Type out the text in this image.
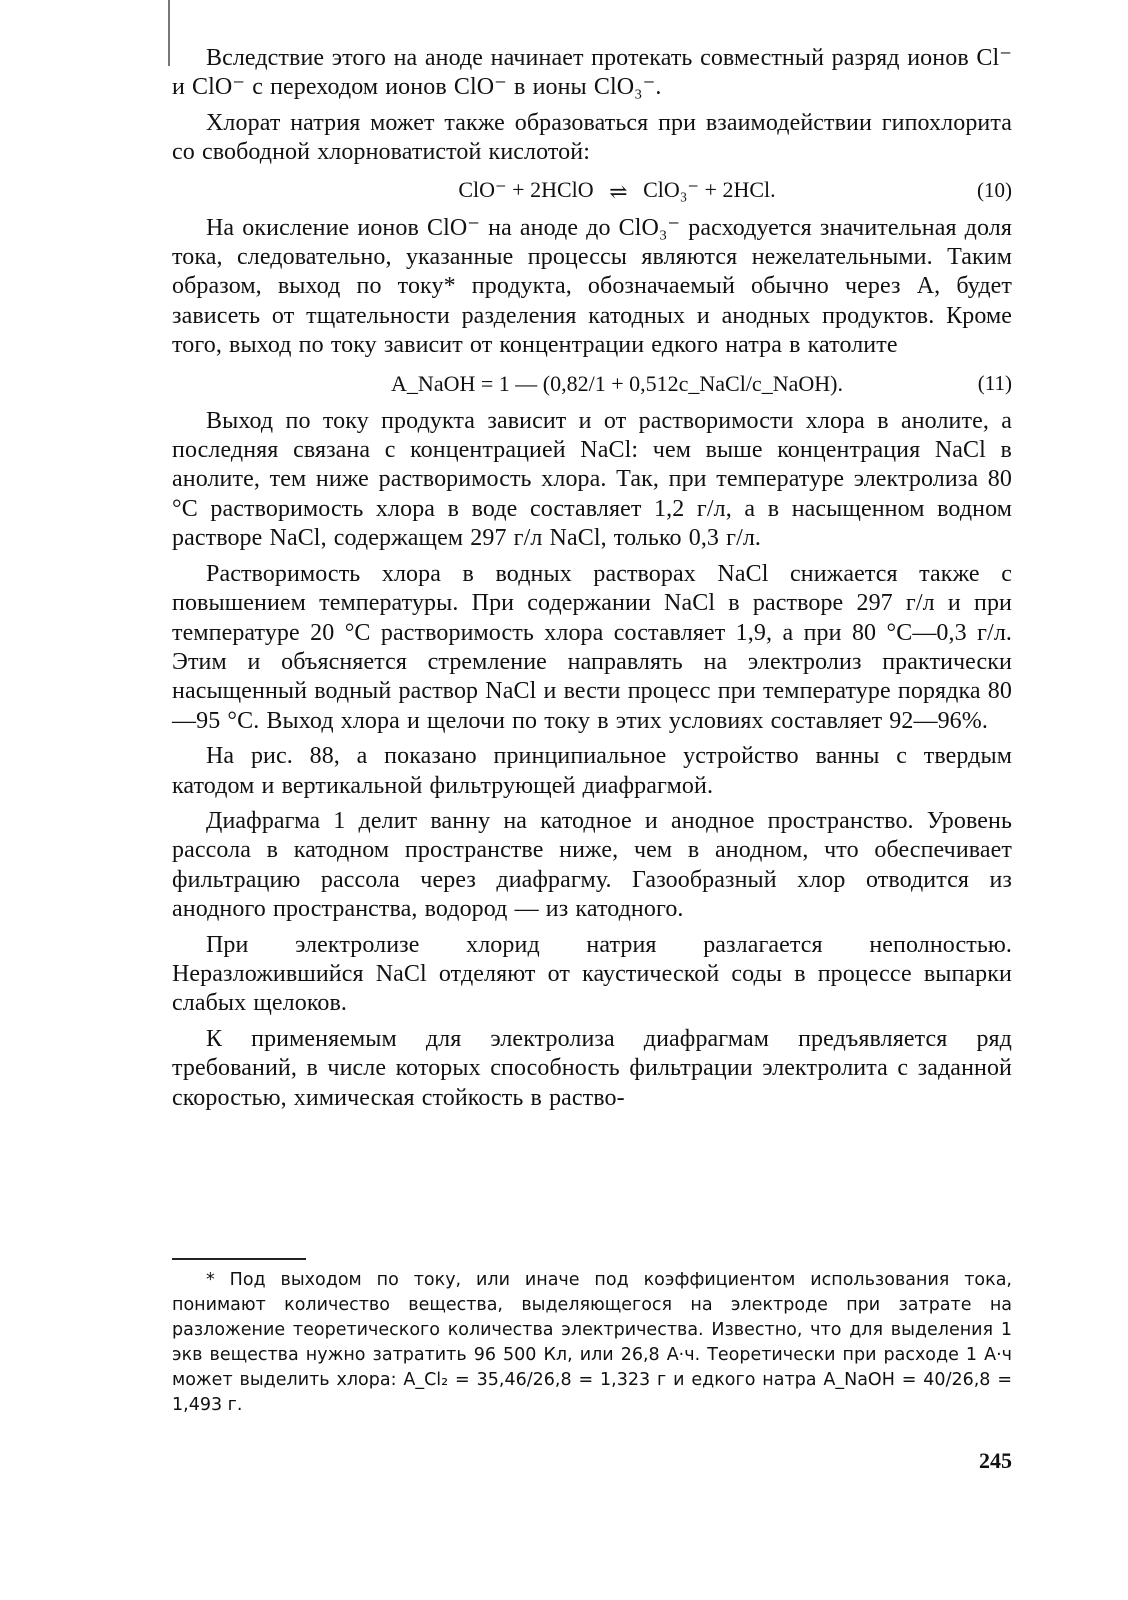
Вследствие этого на аноде начинает протекать совместный разряд ионов Cl⁻ и ClO⁻ с переходом ионов ClO⁻ в ионы ClO₃⁻.

Хлорат натрия может также образоваться при взаимодействии гипохлорита со свободной хлорноватистой кислотой:

ClO⁻ + 2HClO ⇌ ClO₃⁻ + 2HCl.	(10)

На окисление ионов ClO⁻ на аноде до ClO₃⁻ расходуется значительная доля тока, следовательно, указанные процессы являются нежелательными. Таким образом, выход по току* продукта, обозначаемый обычно через A, будет зависеть от тщательности разделения катодных и анодных продуктов. Кроме того, выход по току зависит от концентрации едкого натра в католите

A_NaOH = 1 — (0,82/1 + 0,512c_NaCl/c_NaOH).	(11)

Выход по току продукта зависит и от растворимости хлора в анолите, а последняя связана с концентрацией NaCl: чем выше концентрация NaCl в анолите, тем ниже растворимость хлора. Так, при температуре электролиза 80 °C растворимость хлора в воде составляет 1,2 г/л, а в насыщенном водном растворе NaCl, содержащем 297 г/л NaCl, только 0,3 г/л.

Растворимость хлора в водных растворах NaCl снижается также с повышением температуры. При содержании NaCl в растворе 297 г/л и при температуре 20 °C растворимость хлора составляет 1,9, а при 80 °C—0,3 г/л. Этим и объясняется стремление направлять на электролиз практически насыщенный водный раствор NaCl и вести процесс при температуре порядка 80—95 °C. Выход хлора и щелочи по току в этих условиях составляет 92—96%.

На рис. 88, а показано принципиальное устройство ванны с твердым катодом и вертикальной фильтрующей диафрагмой.

Диафрагма 1 делит ванну на катодное и анодное пространство. Уровень рассола в катодном пространстве ниже, чем в анодном, что обеспечивает фильтрацию рассола через диафрагму. Газообразный хлор отводится из анодного пространства, водород — из катодного.

При электролизе хлорид натрия разлагается неполностью. Неразложившийся NaCl отделяют от каустической соды в процессе выпарки слабых щелоков.

К применяемым для электролиза диафрагмам предъявляется ряд требований, в числе которых способность фильтрации электролита с заданной скоростью, химическая стойкость в раство-

* Под выходом по току, или иначе под коэффициентом использования тока, понимают количество вещества, выделяющегося на электроде при затрате на разложение теоретического количества электричества. Известно, что для выделения 1 экв вещества нужно затратить 96 500 Кл, или 26,8 А·ч. Теоретически при расходе 1 А·ч может выделить хлора: A_Cl₂ = 35,46/26,8 = 1,323 г и едкого натра A_NaOH = 40/26,8 = 1,493 г.
245
